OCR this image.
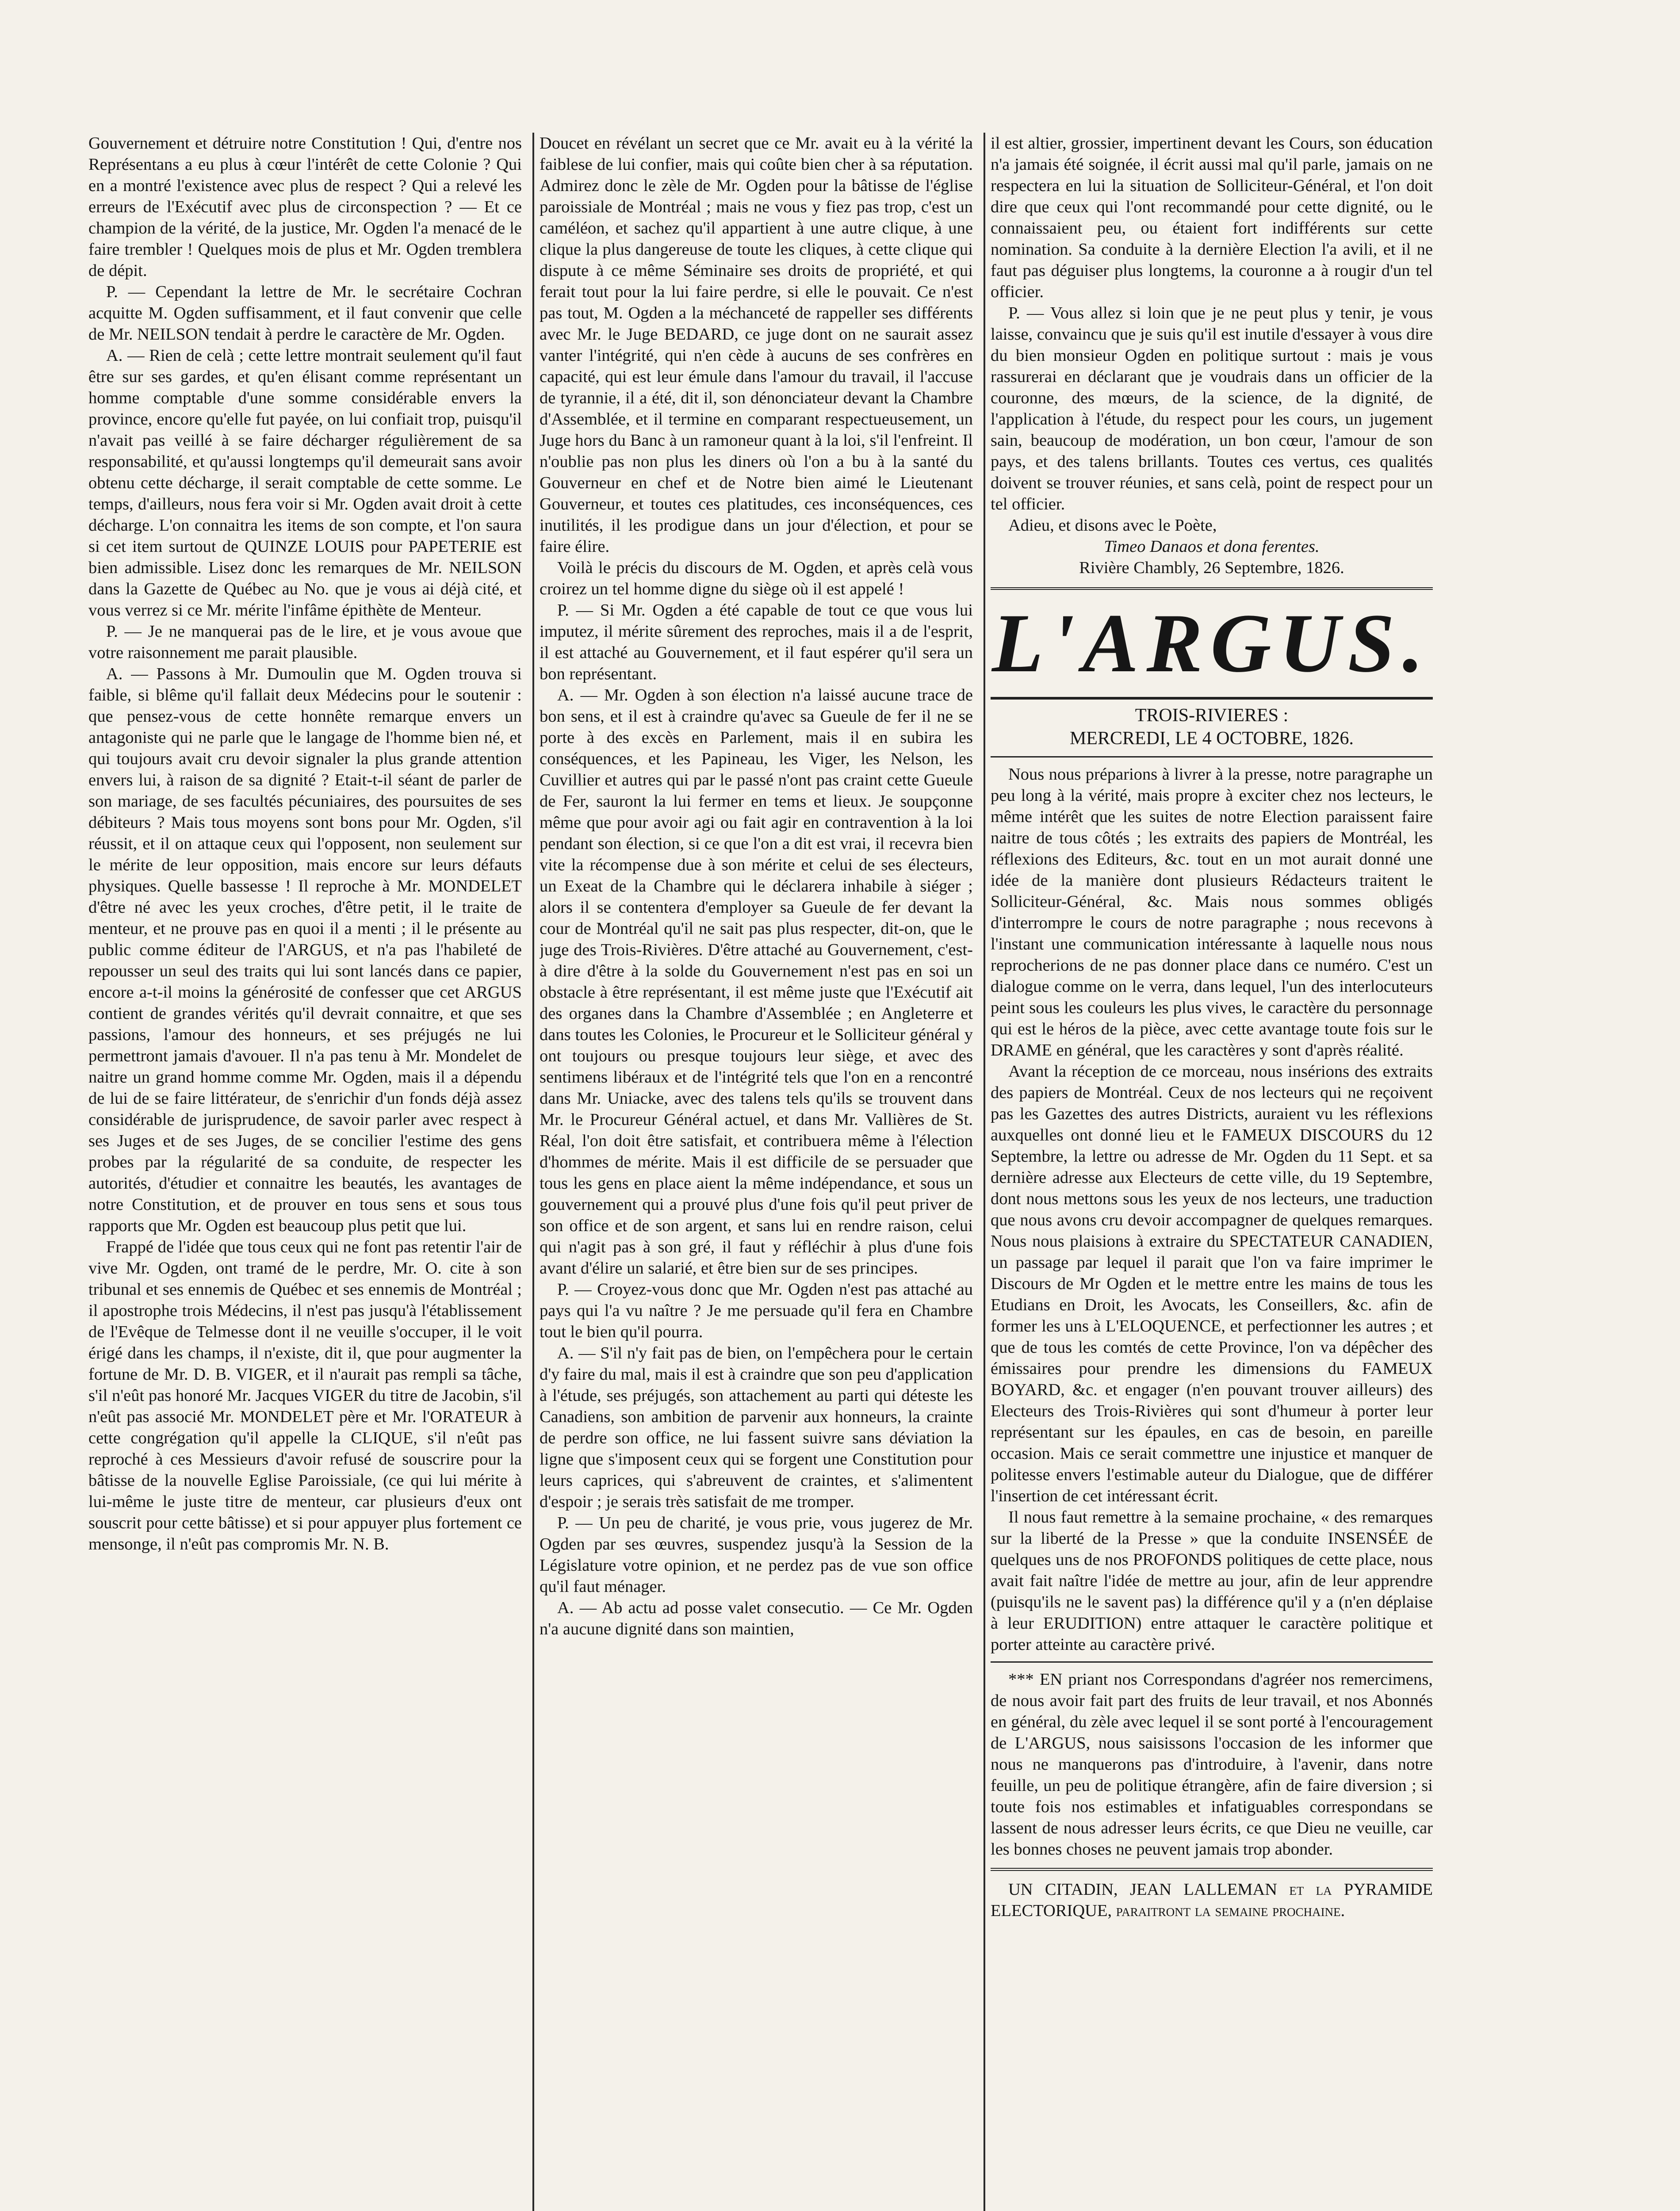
Gouvernement et détruire notre Constitution ! Qui, d'entre nos Représentans a eu plus à cœur l'intérêt de cette Colonie ? Qui en a montré l'existence avec plus de respect ? Qui a relevé les erreurs de l'Exécutif avec plus de circonspection ? — Et ce champion de la vérité, de la justice, Mr. Ogden l'a menacé de le faire trembler ! Quelques mois de plus et Mr. Ogden tremblera de dépit.

P. — Cependant la lettre de Mr. le secrétaire Cochran acquitte M. Ogden suffisamment, et il faut convenir que celle de Mr. NEILSON tendait à perdre le caractère de Mr. Ogden.

A. — Rien de celà ; cette lettre montrait seulement qu'il faut être sur ses gardes, et qu'en élisant comme représentant un homme comptable d'une somme considérable envers la province, encore qu'elle fut payée, on lui confiait trop, puisqu'il n'avait pas veillé à se faire décharger régulièrement de sa responsabilité, et qu'aussi longtemps qu'il demeurait sans avoir obtenu cette décharge, il serait comptable de cette somme. Le temps, d'ailleurs, nous fera voir si Mr. Ogden avait droit à cette décharge. L'on connaitra les items de son compte, et l'on saura si cet item surtout de QUINZE LOUIS pour PAPETERIE est bien admissible. Lisez donc les remarques de Mr. NEILSON dans la Gazette de Québec au No. que je vous ai déjà cité, et vous verrez si ce Mr. mérite l'infâme épithète de Menteur.

P. — Je ne manquerai pas de le lire, et je vous avoue que votre raisonnement me parait plausible.

A. — Passons à Mr. Dumoulin que M. Ogden trouva si faible, si blême qu'il fallait deux Médecins pour le soutenir : que pensez-vous de cette honnête remarque envers un antagoniste qui ne parle que le langage de l'homme bien né, et qui toujours avait cru devoir signaler la plus grande attention envers lui, à raison de sa dignité ? Etait-t-il séant de parler de son mariage, de ses facultés pécuniaires, des poursuites de ses débiteurs ? Mais tous moyens sont bons pour Mr. Ogden, s'il réussit, et il on attaque ceux qui l'opposent, non seulement sur le mérite de leur opposition, mais encore sur leurs défauts physiques. Quelle bassesse ! Il reproche à Mr. MONDELET d'être né avec les yeux croches, d'être petit, il le traite de menteur, et ne prouve pas en quoi il a menti ; il le présente au public comme éditeur de l'ARGUS, et n'a pas l'habileté de repousser un seul des traits qui lui sont lancés dans ce papier, encore a-t-il moins la générosité de confesser que cet ARGUS contient de grandes vérités qu'il devrait connaitre, et que ses passions, l'amour des honneurs, et ses préjugés ne lui permettront jamais d'avouer. Il n'a pas tenu à Mr. Mondelet de naitre un grand homme comme Mr. Ogden, mais il a dépendu de lui de se faire littérateur, de s'enrichir d'un fonds déjà assez considérable de jurisprudence, de savoir parler avec respect à ses Juges et de ses Juges, de se concilier l'estime des gens probes par la régularité de sa conduite, de respecter les autorités, d'étudier et connaitre les beautés, les avantages de notre Constitution, et de prouver en tous sens et sous tous rapports que Mr. Ogden est beaucoup plus petit que lui.

Frappé de l'idée que tous ceux qui ne font pas retentir l'air de vive Mr. Ogden, ont tramé de le perdre, Mr. O. cite à son tribunal et ses ennemis de Québec et ses ennemis de Montréal ; il apostrophe trois Médecins, il n'est pas jusqu'à l'établissement de l'Evêque de Telmesse dont il ne veuille s'occuper, il le voit érigé dans les champs, il n'existe, dit il, que pour augmenter la fortune de Mr. D. B. VIGER, et il n'aurait pas rempli sa tâche, s'il n'eût pas honoré Mr. Jacques VIGER du titre de Jacobin, s'il n'eût pas associé Mr. MONDELET père et Mr. l'ORATEUR à cette congrégation qu'il appelle la CLIQUE, s'il n'eût pas reproché à ces Messieurs d'avoir refusé de souscrire pour la bâtisse de la nouvelle Eglise Paroissiale, (ce qui lui mérite à lui-même le juste titre de menteur, car plusieurs d'eux ont souscrit pour cette bâtisse) et si pour appuyer plus fortement ce mensonge, il n'eût pas compromis Mr. N. B.

Doucet en révélant un secret que ce Mr. avait eu à la vérité la faiblese de lui confier, mais qui coûte bien cher à sa réputation. Admirez donc le zèle de Mr. Ogden pour la bâtisse de l'église paroissiale de Montréal ; mais ne vous y fiez pas trop, c'est un caméléon, et sachez qu'il appartient à une autre clique, à une clique la plus dangereuse de toute les cliques, à cette clique qui dispute à ce même Séminaire ses droits de propriété, et qui ferait tout pour la lui faire perdre, si elle le pouvait. Ce n'est pas tout, M. Ogden a la méchanceté de rappeller ses différents avec Mr. le Juge BEDARD, ce juge dont on ne saurait assez vanter l'intégrité, qui n'en cède à aucuns de ses confrères en capacité, qui est leur émule dans l'amour du travail, il l'accuse de tyrannie, il a été, dit il, son dénonciateur devant la Chambre d'Assemblée, et il termine en comparant respectueusement, un Juge hors du Banc à un ramoneur quant à la loi, s'il l'enfreint. Il n'oublie pas non plus les diners où l'on a bu à la santé du Gouverneur en chef et de Notre bien aimé le Lieutenant Gouverneur, et toutes ces platitudes, ces inconséquences, ces inutilités, il les prodigue dans un jour d'élection, et pour se faire élire.

Voilà le précis du discours de M. Ogden, et après celà vous croirez un tel homme digne du siège où il est appelé !

P. — Si Mr. Ogden a été capable de tout ce que vous lui imputez, il mérite sûrement des reproches, mais il a de l'esprit, il est attaché au Gouvernement, et il faut espérer qu'il sera un bon représentant.

A. — Mr. Ogden à son élection n'a laissé aucune trace de bon sens, et il est à craindre qu'avec sa Gueule de fer il ne se porte à des excès en Parlement, mais il en subira les conséquences, et les Papineau, les Viger, les Nelson, les Cuvillier et autres qui par le passé n'ont pas craint cette Gueule de Fer, sauront la lui fermer en tems et lieux. Je soupçonne même que pour avoir agi ou fait agir en contravention à la loi pendant son élection, si ce que l'on a dit est vrai, il recevra bien vite la récompense due à son mérite et celui de ses électeurs, un Exeat de la Chambre qui le déclarera inhabile à siéger ; alors il se contentera d'employer sa Gueule de fer devant la cour de Montréal qu'il ne sait pas plus respecter, dit-on, que le juge des Trois-Rivières. D'être attaché au Gouvernement, c'est-à dire d'être à la solde du Gouvernement n'est pas en soi un obstacle à être représentant, il est même juste que l'Exécutif ait des organes dans la Chambre d'Assemblée ; en Angleterre et dans toutes les Colonies, le Procureur et le Solliciteur général y ont toujours ou presque toujours leur siège, et avec des sentimens libéraux et de l'intégrité tels que l'on en a rencontré dans Mr. Uniacke, avec des talens tels qu'ils se trouvent dans Mr. le Procureur Général actuel, et dans Mr. Vallières de St. Réal, l'on doit être satisfait, et contribuera même à l'élection d'hommes de mérite. Mais il est difficile de se persuader que tous les gens en place aient la même indépendance, et sous un gouvernement qui a prouvé plus d'une fois qu'il peut priver de son office et de son argent, et sans lui en rendre raison, celui qui n'agit pas à son gré, il faut y réfléchir à plus d'une fois avant d'élire un salarié, et être bien sur de ses principes.

P. — Croyez-vous donc que Mr. Ogden n'est pas attaché au pays qui l'a vu naître ? Je me persuade qu'il fera en Chambre tout le bien qu'il pourra.

A. — S'il n'y fait pas de bien, on l'empêchera pour le certain d'y faire du mal, mais il est à craindre que son peu d'application à l'étude, ses préjugés, son attachement au parti qui déteste les Canadiens, son ambition de parvenir aux honneurs, la crainte de perdre son office, ne lui fassent suivre sans déviation la ligne que s'imposent ceux qui se forgent une Constitution pour leurs caprices, qui s'abreuvent de craintes, et s'alimentent d'espoir ; je serais très satisfait de me tromper.

P. — Un peu de charité, je vous prie, vous jugerez de Mr. Ogden par ses œuvres, suspendez jusqu'à la Session de la Législature votre opinion, et ne perdez pas de vue son office qu'il faut ménager.

A. — Ab actu ad posse valet consecutio. — Ce Mr. Ogden n'a aucune dignité dans son maintien,

il est altier, grossier, impertinent devant les Cours, son éducation n'a jamais été soignée, il écrit aussi mal qu'il parle, jamais on ne respectera en lui la situation de Solliciteur-Général, et l'on doit dire que ceux qui l'ont recommandé pour cette dignité, ou le connaissaient peu, ou étaient fort indifférents sur cette nomination. Sa conduite à la dernière Election l'a avili, et il ne faut pas déguiser plus longtems, la couronne a à rougir d'un tel officier.

P. — Vous allez si loin que je ne peut plus y tenir, je vous laisse, convaincu que je suis qu'il est inutile d'essayer à vous dire du bien monsieur Ogden en politique surtout : mais je vous rassurerai en déclarant que je voudrais dans un officier de la couronne, des mœurs, de la science, de la dignité, de l'application à l'étude, du respect pour les cours, un jugement sain, beaucoup de modération, un bon cœur, l'amour de son pays, et des talens brillants. Toutes ces vertus, ces qualités doivent se trouver réunies, et sans celà, point de respect pour un tel officier.

Adieu, et disons avec le Poète,

Timeo Danaos et dona ferentes.

Rivière Chambly, 26 Septembre, 1826.

L'ARGUS.
TROIS-RIVIERES :
MERCREDI, LE 4 OCTOBRE, 1826.

Nous nous préparions à livrer à la presse, notre paragraphe un peu long à la vérité, mais propre à exciter chez nos lecteurs, le même intérêt que les suites de notre Election paraissent faire naitre de tous côtés ; les extraits des papiers de Montréal, les réflexions des Editeurs, &c. tout en un mot aurait donné une idée de la manière dont plusieurs Rédacteurs traitent le Solliciteur-Général, &c. Mais nous sommes obligés d'interrompre le cours de notre paragraphe ; nous recevons à l'instant une communication intéressante à laquelle nous nous reprocherions de ne pas donner place dans ce numéro. C'est un dialogue comme on le verra, dans lequel, l'un des interlocuteurs peint sous les couleurs les plus vives, le caractère du personnage qui est le héros de la pièce, avec cette avantage toute fois sur le DRAME en général, que les caractères y sont d'après réalité.

Avant la réception de ce morceau, nous insérions des extraits des papiers de Montréal. Ceux de nos lecteurs qui ne reçoivent pas les Gazettes des autres Districts, auraient vu les réflexions auxquelles ont donné lieu et le FAMEUX DISCOURS du 12 Septembre, la lettre ou adresse de Mr. Ogden du 11 Sept. et sa dernière adresse aux Electeurs de cette ville, du 19 Septembre, dont nous mettons sous les yeux de nos lecteurs, une traduction que nous avons cru devoir accompagner de quelques remarques. Nous nous plaisions à extraire du SPECTATEUR CANADIEN, un passage par lequel il parait que l'on va faire imprimer le Discours de Mr Ogden et le mettre entre les mains de tous les Etudians en Droit, les Avocats, les Conseillers, &c. afin de former les uns à L'ELOQUENCE, et perfectionner les autres ; et que de tous les comtés de cette Province, l'on va dépêcher des émissaires pour prendre les dimensions du FAMEUX BOYARD, &c. et engager (n'en pouvant trouver ailleurs) des Electeurs des Trois-Rivières qui sont d'humeur à porter leur représentant sur les épaules, en cas de besoin, en pareille occasion. Mais ce serait commettre une injustice et manquer de politesse envers l'estimable auteur du Dialogue, que de différer l'insertion de cet intéressant écrit.

Il nous faut remettre à la semaine prochaine, « des remarques sur la liberté de la Presse » que la conduite INSENSÉE de quelques uns de nos PROFONDS politiques de cette place, nous avait fait naître l'idée de mettre au jour, afin de leur apprendre (puisqu'ils ne le savent pas) la différence qu'il y a (n'en déplaise à leur ERUDITION) entre attaquer le caractère politique et porter atteinte au caractère privé.

*** EN priant nos Correspondans d'agréer nos remercimens, de nous avoir fait part des fruits de leur travail, et nos Abonnés en général, du zèle avec lequel il se sont porté à l'encouragement de L'ARGUS, nous saisissons l'occasion de les informer que nous ne manquerons pas d'introduire, à l'avenir, dans notre feuille, un peu de politique étrangère, afin de faire diversion ; si toute fois nos estimables et infatiguables correspondans se lassent de nous adresser leurs écrits, ce que Dieu ne veuille, car les bonnes choses ne peuvent jamais trop abonder.

UN CITADIN, JEAN LALLEMAN et la PYRAMIDE ELECTORIQUE, paraitront la semaine prochaine.
